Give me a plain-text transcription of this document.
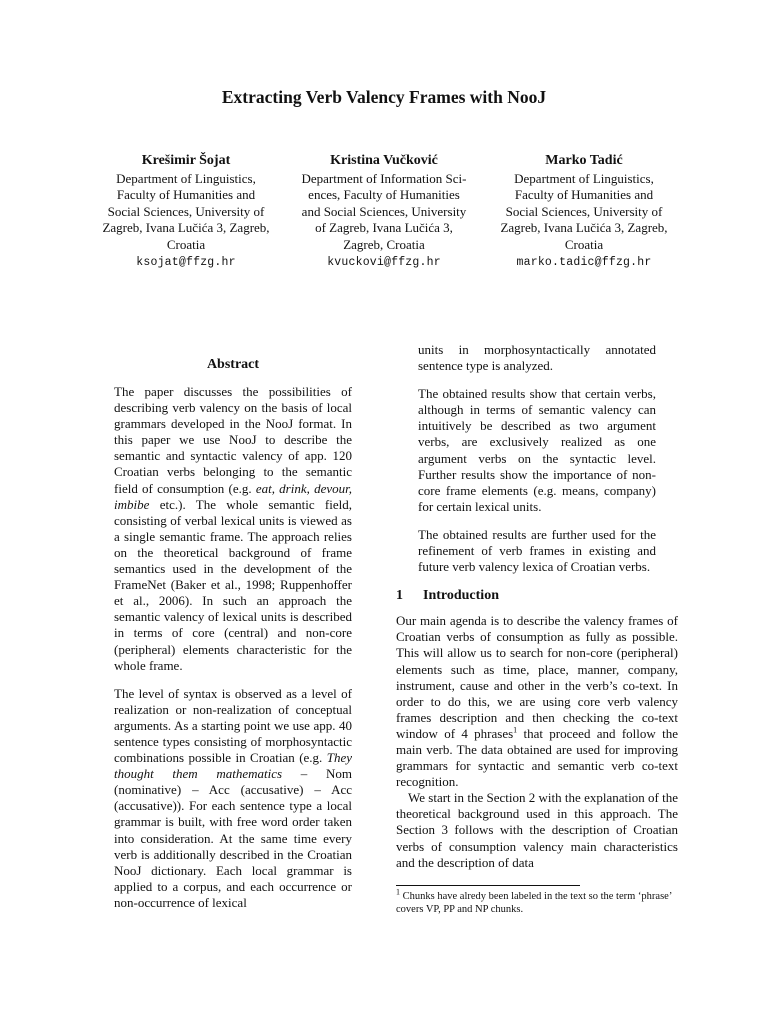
Extracting Verb Valency Frames with NooJ
Krešimir Šojat
Department of Linguistics,
Faculty of Humanities and
Social Sciences, University of
Zagreb, Ivana Lučića 3, Zagreb,
Croatia
ksojat@ffzg.hr
Kristina Vučković
Department of Information Sci-
ences, Faculty of Humanities
and Social Sciences, University
of Zagreb, Ivana Lučića 3,
Zagreb, Croatia
kvuckovi@ffzg.hr
Marko Tadić
Department of Linguistics,
Faculty of Humanities and
Social Sciences, University of
Zagreb, Ivana Lučića 3, Zagreb,
Croatia
marko.tadic@ffzg.hr
Abstract

The paper discusses the possibilities of describing verb valency on the basis of local grammars developed in the NooJ format. In this paper we use NooJ to describe the semantic and syntactic valency of app. 120 Croatian verbs belonging to the semantic field of consumption (e.g. eat, drink, devour, imbibe etc.). The whole semantic field, consisting of verbal lexical units is viewed as a single semantic frame. The approach relies on the theoretical background of frame semantics used in the development of the FrameNet (Baker et al., 1998; Ruppenhoffer et al., 2006). In such an approach the semantic valency of lexical units is described in terms of core (central) and non-core (peripheral) elements characteristic for the whole frame.

The level of syntax is observed as a level of realization or non-realization of conceptual arguments. As a starting point we use app. 40 sentence types consisting of morphosyntactic combinations possible in Croatian (e.g. They thought them mathematics – Nom (nominative) – Acc (accusative) – Acc (accusative)). For each sentence type a local grammar is built, with free word order taken into consideration. At the same time every verb is additionally described in the Croatian NooJ dictionary. Each local grammar is applied to a corpus, and each occurrence or non-occurrence of lexical

units in morphosyntactically annotated sentence type is analyzed.

The obtained results show that certain verbs, although in terms of semantic valency can intuitively be described as two argument verbs, are exclusively realized as one argument verbs on the syntactic level. Further results show the importance of non-core frame elements (e.g. means, company) for certain lexical units.

The obtained results are further used for the refinement of verb frames in existing and future verb valency lexica of Croatian verbs.

1 Introduction

Our main agenda is to describe the valency frames of Croatian verbs of consumption as fully as possible. This will allow us to search for non-core (peripheral) elements such as time, place, manner, company, instrument, cause and other in the verb’s co-text. In order to do this, we are using core verb valency frames description and then checking the co-text window of 4 phrases$^1$ that proceed and follow the main verb. The data obtained are used for improving grammars for syntactic and semantic verb co-text recognition.

We start in the Section 2 with the explanation of the theoretical background used in this approach. The Section 3 follows with the description of Croatian verbs of consumption valency main characteristics and the description of data

$^1$ Chunks have alredy been labeled in the text so the term ‘phrase’ covers VP, PP and NP chunks.
